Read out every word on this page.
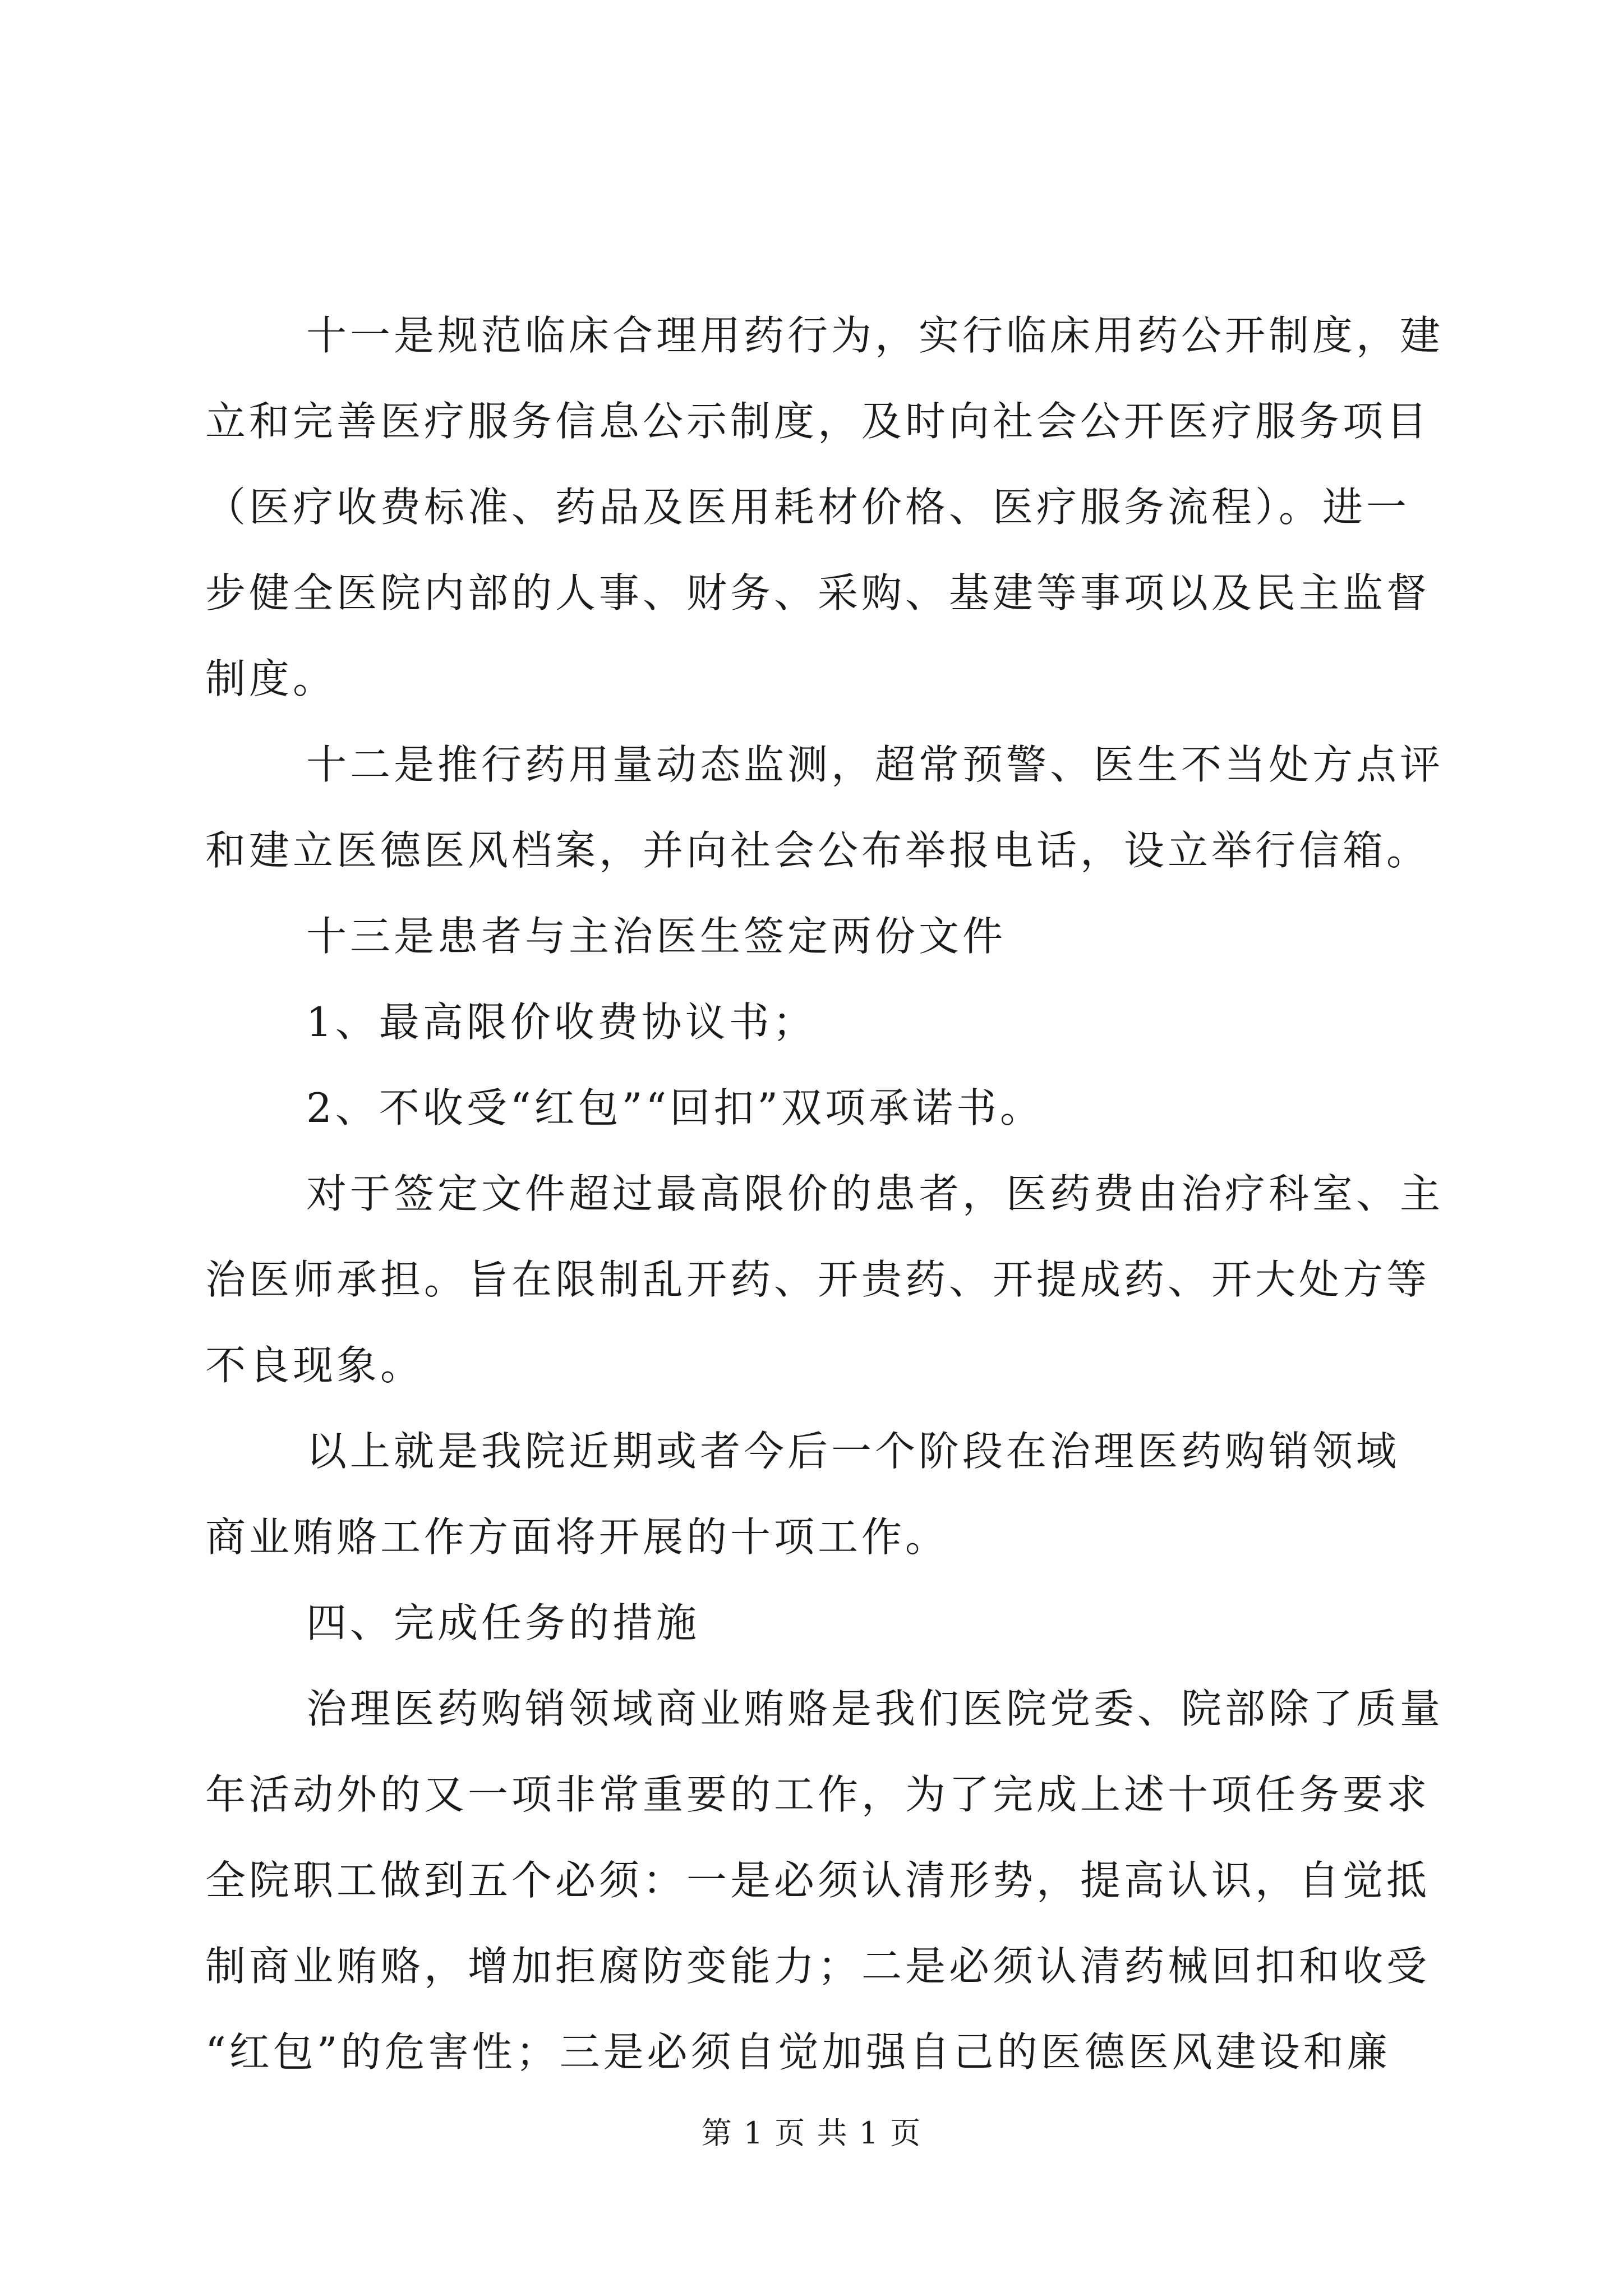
十一是规范临床合理用药行为，实行临床用药公开制度，建
立和完善医疗服务信息公示制度，及时向社会公开医疗服务项目
（医疗收费标准、药品及医用耗材价格、医疗服务流程）。进一
步健全医院内部的人事、财务、采购、基建等事项以及民主监督
制度。
十二是推行药用量动态监测，超常预警、医生不当处方点评
和建立医德医风档案，并向社会公布举报电话，设立举行信箱。
十三是患者与主治医生签定两份文件
1、最高限价收费协议书；
2、不收受“红包”“回扣”双项承诺书。
对于签定文件超过最高限价的患者，医药费由治疗科室、主
治医师承担。旨在限制乱开药、开贵药、开提成药、开大处方等
不良现象。
以上就是我院近期或者今后一个阶段在治理医药购销领域
商业贿赂工作方面将开展的十项工作。
四、完成任务的措施
治理医药购销领域商业贿赂是我们医院党委、院部除了质量
年活动外的又一项非常重要的工作，为了完成上述十项任务要求
全院职工做到五个必须：一是必须认清形势，提高认识，自觉抵
制商业贿赂，增加拒腐防变能力；二是必须认清药械回扣和收受
“红包”的危害性；三是必须自觉加强自己的医德医风建设和廉
第 1 页 共 1 页
